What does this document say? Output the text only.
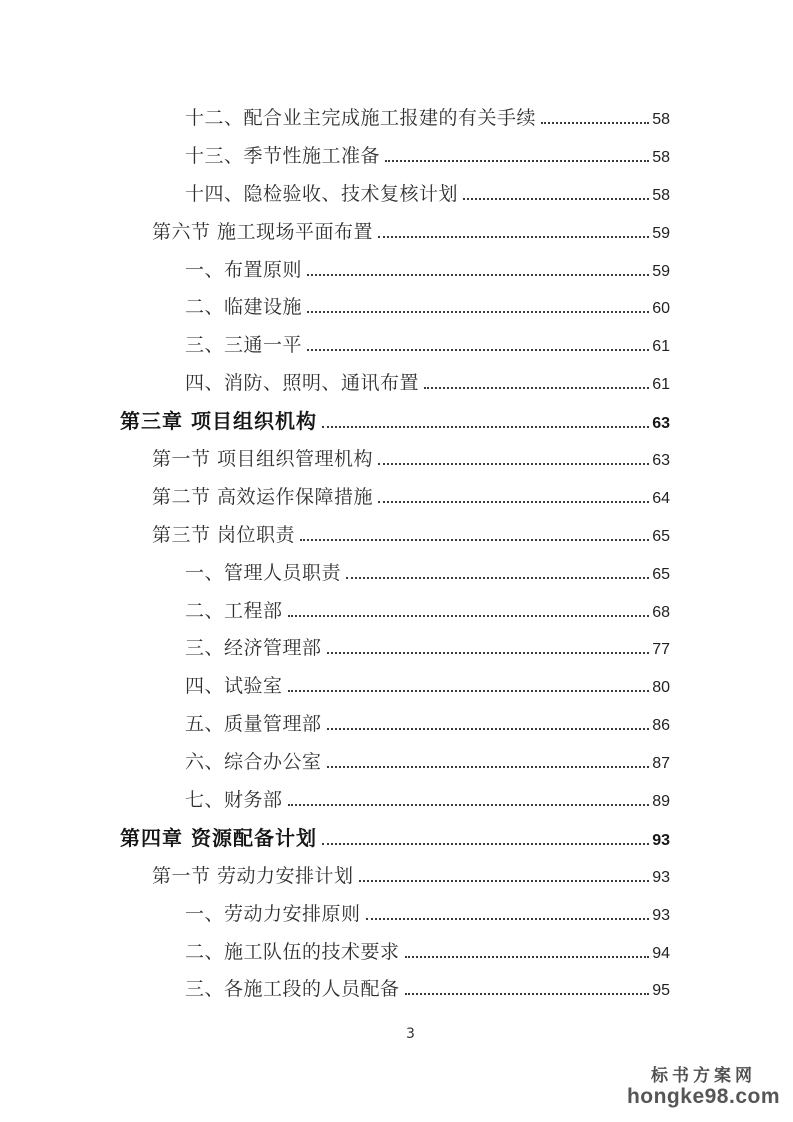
十二、配合业主完成施工报建的有关手续	58
十三、季节性施工准备	58
十四、隐检验收、技术复核计划	58
第六节 施工现场平面布置	59
一、布置原则	59
二、临建设施	60
三、三通一平	61
四、消防、照明、通讯布置	61
第三章 项目组织机构	63
第一节 项目组织管理机构	63
第二节 高效运作保障措施	64
第三节 岗位职责	65
一、管理人员职责	65
二、工程部	68
三、经济管理部	77
四、试验室	80
五、质量管理部	86
六、综合办公室	87
七、财务部	89
第四章 资源配备计划	93
第一节 劳动力安排计划	93
一、劳动力安排原则	93
二、施工队伍的技术要求	94
三、各施工段的人员配备	95
3
标书方案网
hongke98.com
